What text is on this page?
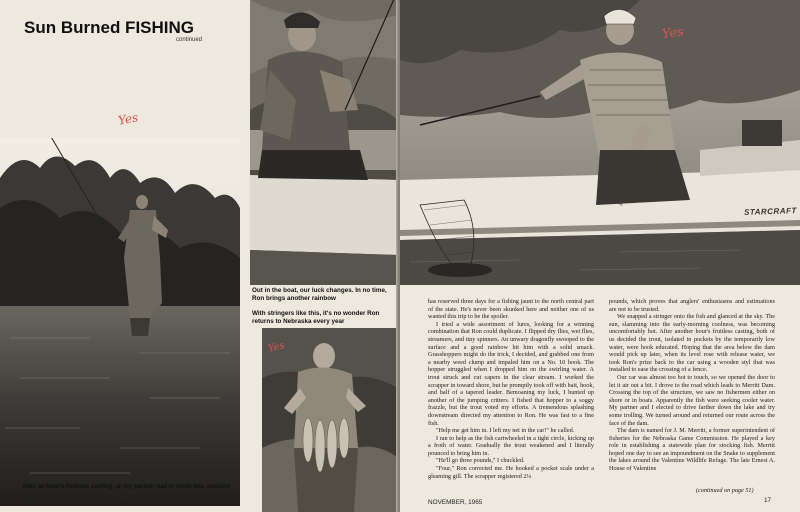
Sun Burned FISHING
continued
Yes
After an hour's fruitless casting, all my partner had to show was sunburn
16
Out in the boat, our luck changes. In no time, Ron brings another rainbow
With stringers like this, it's no wonder Ron returns to Nebraska every year
Yes
Yes
STARCRAFT

has reserved three days for a fishing jaunt to the north central part of the state. He's never been skunked here and neither one of us wanted this trip to be the spoiler.

I tried a wide assortment of lures, looking for a winning combination that Ron could duplicate. I flipped dry flies, wet flies, streamers, and tiny spinners. An unwary dragonfly swooped to the surface and a good rainbow hit him with a solid smack. Grasshoppers might do the trick, I decided, and grabbed one from a nearby weed clump and impaled him on a No. 10 hook. The hopper struggled when I dropped him on the swirling water. A trout struck and cut capers in the clear stream. I worked the scrapper in toward shore, but he promptly took off with bait, hook, and half of a tapered leader. Bemoaning my luck, I hunted up another of the jumping critters. I fished that hopper to a soggy frazzle, but the trout voted my efforts. A tremendous splashing downstream directed my attention to Ron. He was fast to a fine fish.

"Help me get him in. I left my net in the car!" he called.

I ran to help as the fish cartwheeled in a tight circle, kicking up a froth of water. Gradually the trout weakened and I literally pounced to bring him in.

"He'll go three pounds," I chuckled.

"Four," Ron corrected me. He hooked a pocket scale under a gleaming gill. The scrapper registered 2¼

pounds, which proves that anglers' enthusiasms and estimations are not to be trusted.

We snapped a stringer onto the fish and glanced at the sky. The sun, slamming into the early-morning coolness, was becoming uncomfortably hot. After another hour's fruitless casting, both of us decided the trout, isolated in pockets by the temporarily low water, were hook educated. Hoping that the area below the dam would pick up later, when its level rose with release water, we took Ron's prize back to the car using a wooden styl that was installed to ease the crossing of a fence.

Our car was almost too hot to touch, so we opened the door to let it air out a bit. I drove to the road which leads to Merritt Dam. Crossing the top of the structure, we saw no fishermen either on shore or in boats. Apparently the fish were seeking cooler water. My partner and I elected to drive farther down the lake and try some trolling. We turned around and returned our route across the face of the dam.

The dam is named for J. M. Merritt, a former superintendent of fisheries for the Nebraska Game Commission. He played a key role in establishing a statewide plan for stocking fish. Merritt hoped one day to see an impoundment on the Snake to supplement the lakes around the Valentine Wildlife Refuge. The late Ernest A. House of Valentine

(continued on page 51)
NOVEMBER, 1965	17
